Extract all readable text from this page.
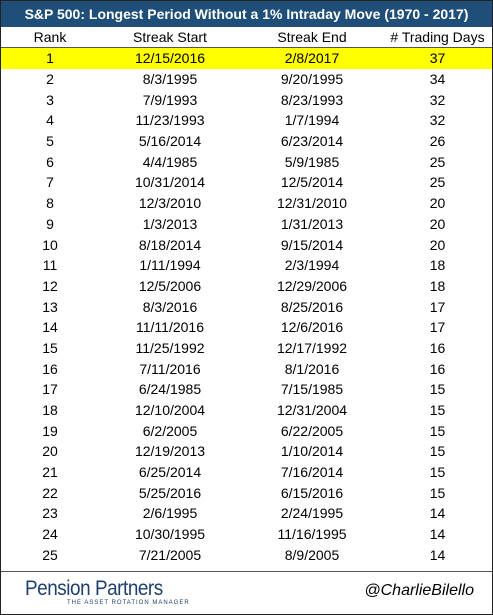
S&P 500: Longest Period Without a 1% Intraday Move (1970 - 2017)
Rank	Streak Start	Streak End	# Trading Days
1	12/15/2016	2/8/2017	37
2	8/3/1995	9/20/1995	34
3	7/9/1993	8/23/1993	32
4	11/23/1993	1/7/1994	32
5	5/16/2014	6/23/2014	26
6	4/4/1985	5/9/1985	25
7	10/31/2014	12/5/2014	25
8	12/3/2010	12/31/2010	20
9	1/3/2013	1/31/2013	20
10	8/18/2014	9/15/2014	20
11	1/11/1994	2/3/1994	18
12	12/5/2006	12/29/2006	18
13	8/3/2016	8/25/2016	17
14	11/11/2016	12/6/2016	17
15	11/25/1992	12/17/1992	16
16	7/11/2016	8/1/2016	16
17	6/24/1985	7/15/1985	15
18	12/10/2004	12/31/2004	15
19	6/2/2005	6/22/2005	15
20	12/19/2013	1/10/2014	15
21	6/25/2014	7/16/2014	15
22	5/25/2016	6/15/2016	15
23	2/6/1995	2/24/1995	14
24	10/30/1995	11/16/1995	14
25	7/21/2005	8/9/2005	14
Pension Partners
THE ASSET ROTATION MANAGER
@CharlieBilello
